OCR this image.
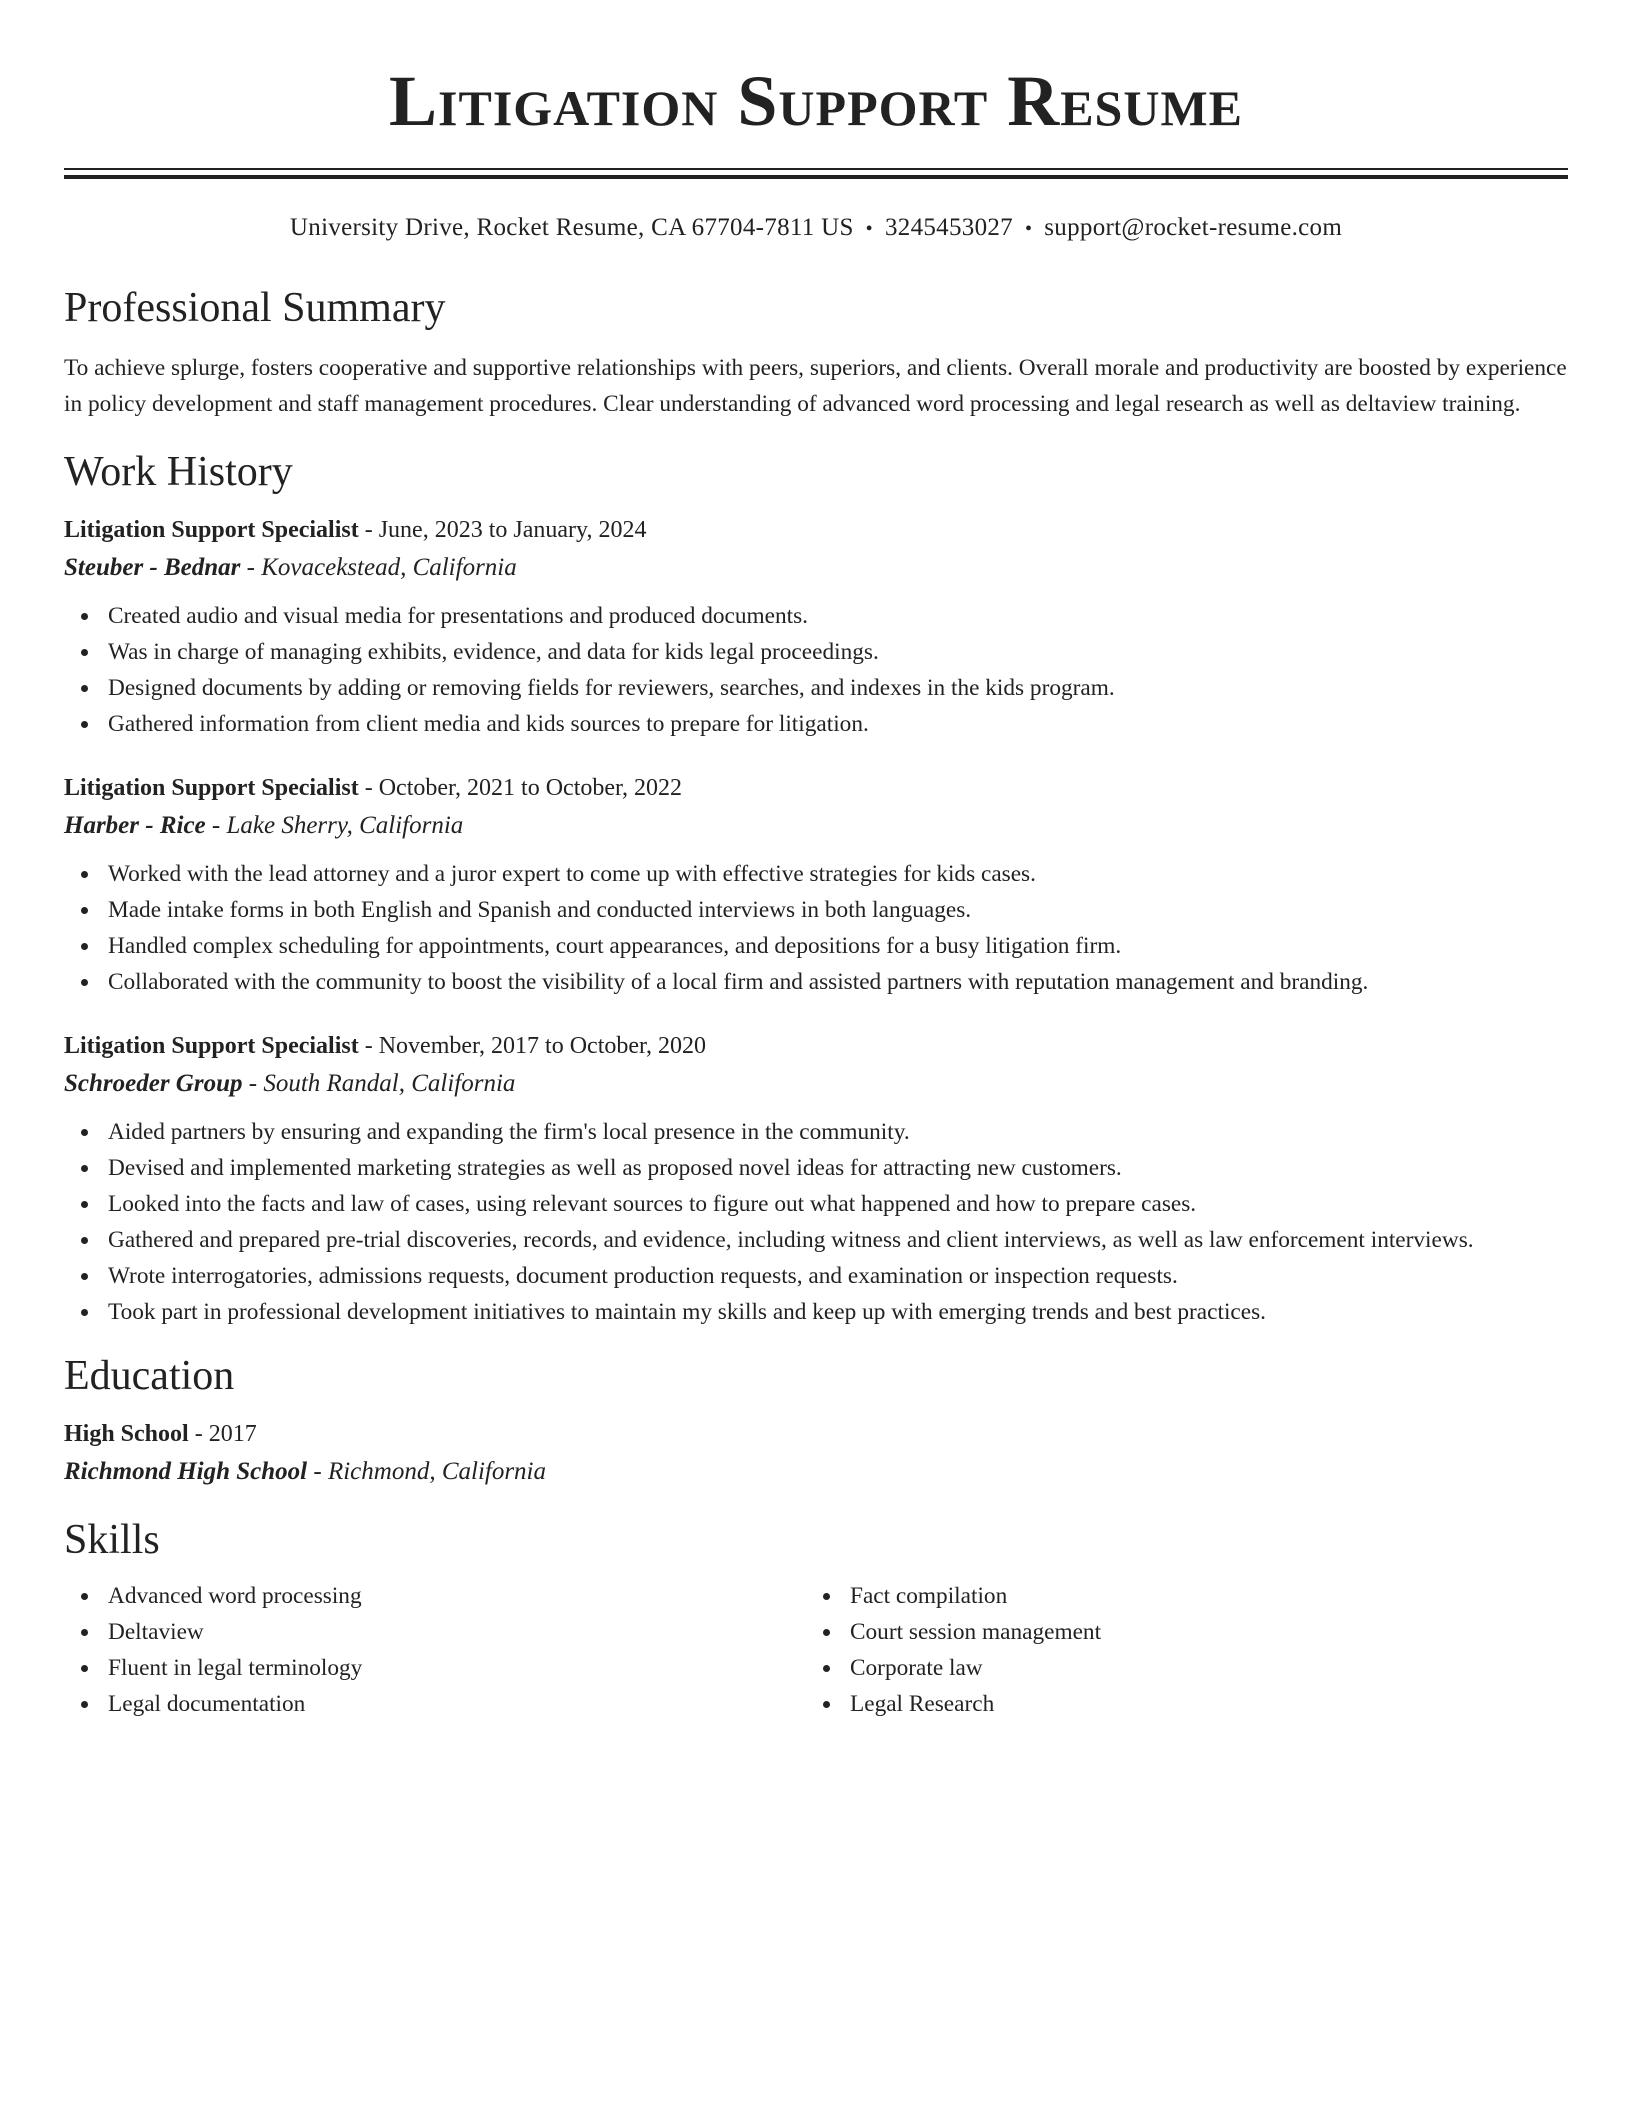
Litigation Support Resume
University Drive, Rocket Resume, CA 67704-7811 US • 3245453027 • support@rocket-resume.com
Professional Summary

To achieve splurge, fosters cooperative and supportive relationships with peers, superiors, and clients. Overall morale and productivity are boosted by experience in policy development and staff management procedures. Clear understanding of advanced word processing and legal research as well as deltaview training.

Work History
Litigation Support Specialist - June, 2023 to January, 2024
Steuber - Bednar - Kovacekstead, California
Created audio and visual media for presentations and produced documents.
Was in charge of managing exhibits, evidence, and data for kids legal proceedings.
Designed documents by adding or removing fields for reviewers, searches, and indexes in the kids program.
Gathered information from client media and kids sources to prepare for litigation.
Litigation Support Specialist - October, 2021 to October, 2022
Harber - Rice - Lake Sherry, California
Worked with the lead attorney and a juror expert to come up with effective strategies for kids cases.
Made intake forms in both English and Spanish and conducted interviews in both languages.
Handled complex scheduling for appointments, court appearances, and depositions for a busy litigation firm.
Collaborated with the community to boost the visibility of a local firm and assisted partners with reputation management and branding.
Litigation Support Specialist - November, 2017 to October, 2020
Schroeder Group - South Randal, California
Aided partners by ensuring and expanding the firm's local presence in the community.
Devised and implemented marketing strategies as well as proposed novel ideas for attracting new customers.
Looked into the facts and law of cases, using relevant sources to figure out what happened and how to prepare cases.
Gathered and prepared pre-trial discoveries, records, and evidence, including witness and client interviews, as well as law enforcement interviews.
Wrote interrogatories, admissions requests, document production requests, and examination or inspection requests.
Took part in professional development initiatives to maintain my skills and keep up with emerging trends and best practices.
Education
High School - 2017
Richmond High School - Richmond, California
Skills
Advanced word processing
Deltaview
Fluent in legal terminology
Legal documentation
Fact compilation
Court session management
Corporate law
Legal Research
